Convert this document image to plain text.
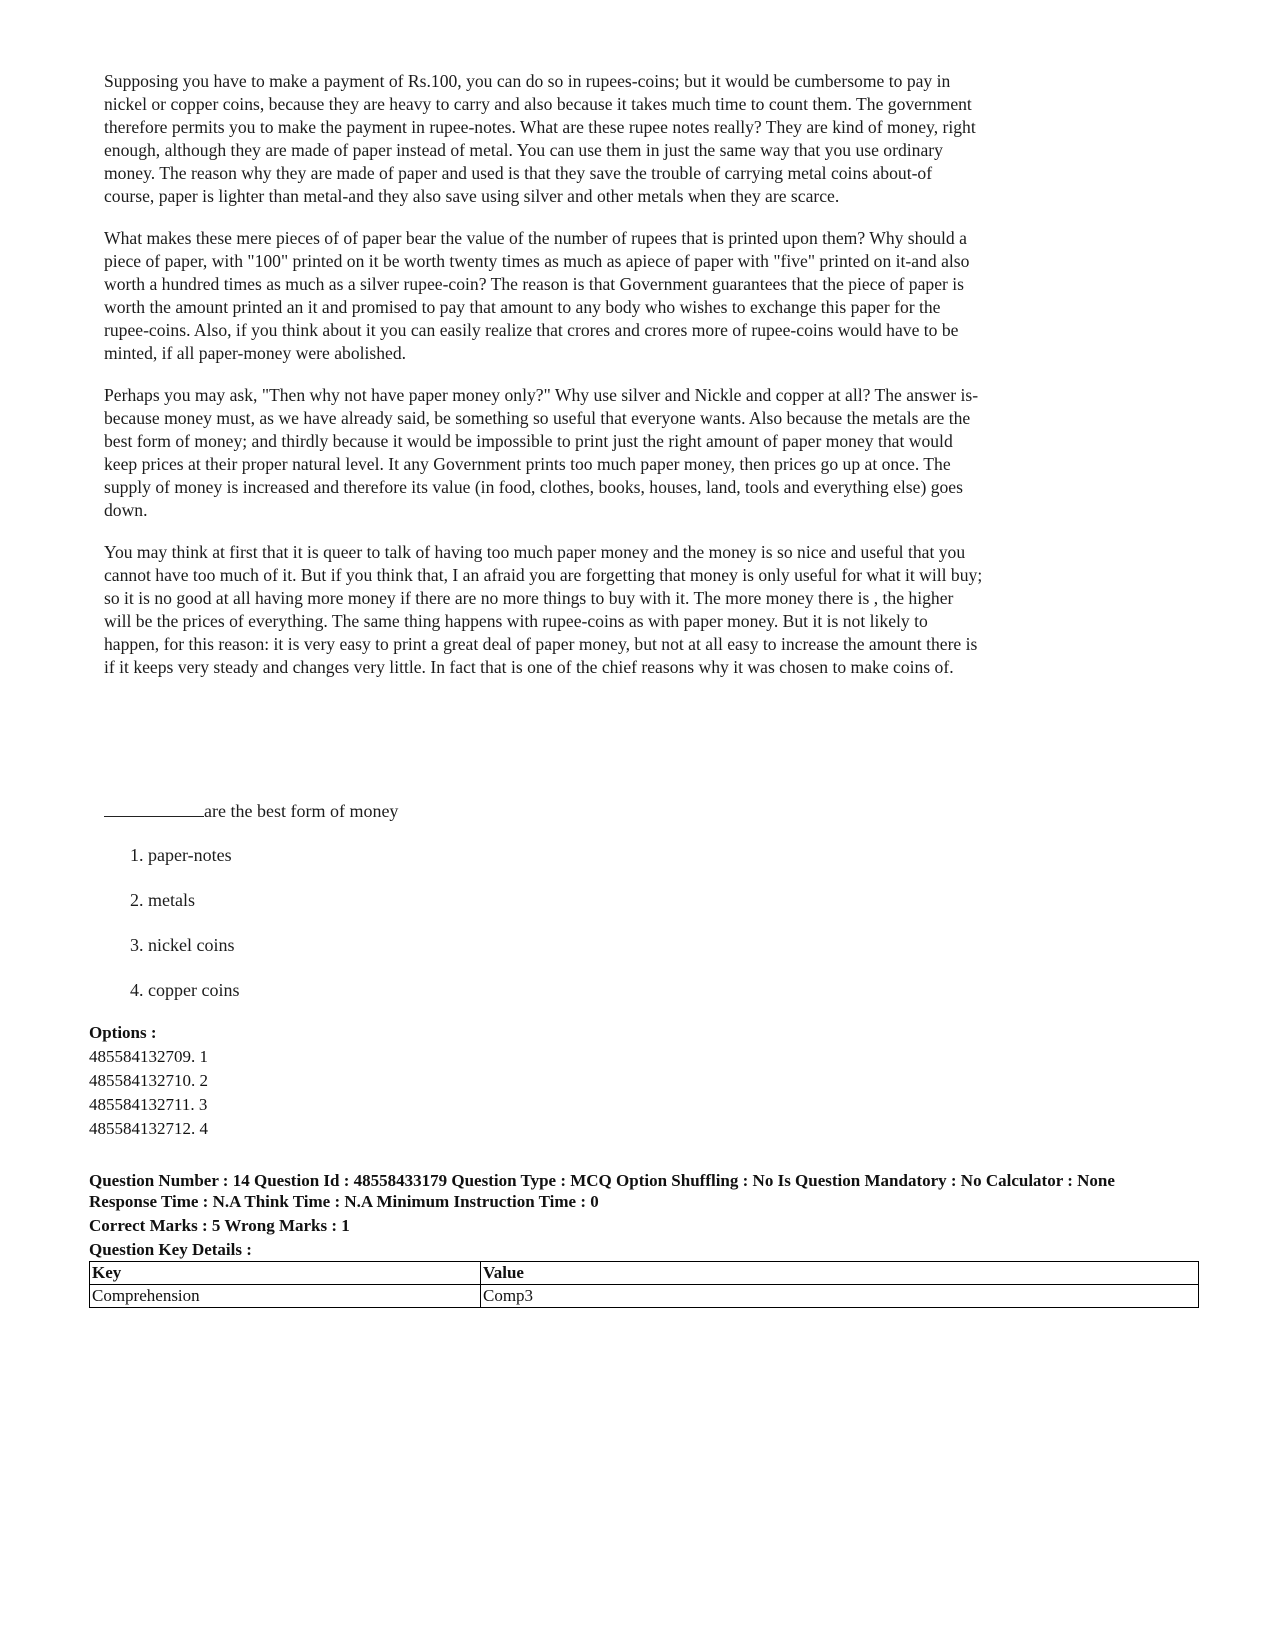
Supposing you have to make a payment of Rs.100, you can do so in rupees-coins; but it would be cumbersome to pay in nickel or copper coins, because they are heavy to carry and also because it takes much time to count them. The government therefore permits you to make the payment in rupee-notes. What are these rupee notes really? They are kind of money, right enough, although they are made of paper instead of metal. You can use them in just the same way that you use ordinary money. The reason why they are made of paper and used is that they save the trouble of carrying metal coins about-of course, paper is lighter than metal-and they also save using silver and other metals when they are scarce.

What makes these mere pieces of of paper bear the value of the number of rupees that is printed upon them? Why should a piece of paper, with "100" printed on it be worth twenty times as much as apiece of paper with "five" printed on it-and also worth a hundred times as much as a silver rupee-coin? The reason is that Government guarantees that the piece of paper is worth the amount printed an it and promised to pay that amount to any body who wishes to exchange this paper for the rupee-coins. Also, if you think about it you can easily realize that crores and crores more of rupee-coins would have to be minted, if all paper-money were abolished.

Perhaps you may ask, "Then why not have paper money only?" Why use silver and Nickle and copper at all? The answer is-because money must, as we have already said, be something so useful that everyone wants. Also because the metals are the best form of money; and thirdly because it would be impossible to print just the right amount of paper money that would keep prices at their proper natural level. It any Government prints too much paper money, then prices go up at once. The supply of money is increased and therefore its value (in food, clothes, books, houses, land, tools and everything else) goes down.

You may think at first that it is queer to talk of having too much paper money and the money is so nice and useful that you cannot have too much of it. But if you think that, I an afraid you are forgetting that money is only useful for what it will buy; so it is no good at all having more money if there are no more things to buy with it. The more money there is , the higher will be the prices of everything. The same thing happens with rupee-coins as with paper money. But it is not likely to happen, for this reason: it is very easy to print a great deal of paper money, but not at all easy to increase the amount there is if it keeps very steady and changes very little. In fact that is one of the chief reasons why it was chosen to make coins of.

are the best form of money
1. paper-notes
2. metals
3. nickel coins
4. copper coins
Options :
485584132709. 1
485584132710. 2
485584132711. 3
485584132712. 4
Question Number : 14 Question Id : 48558433179 Question Type : MCQ Option Shuffling : No Is Question Mandatory : No Calculator : None
Response Time : N.A Think Time : N.A Minimum Instruction Time : 0
Correct Marks : 5 Wrong Marks : 1
Question Key Details :
Key	Value
Comprehension	Comp3
